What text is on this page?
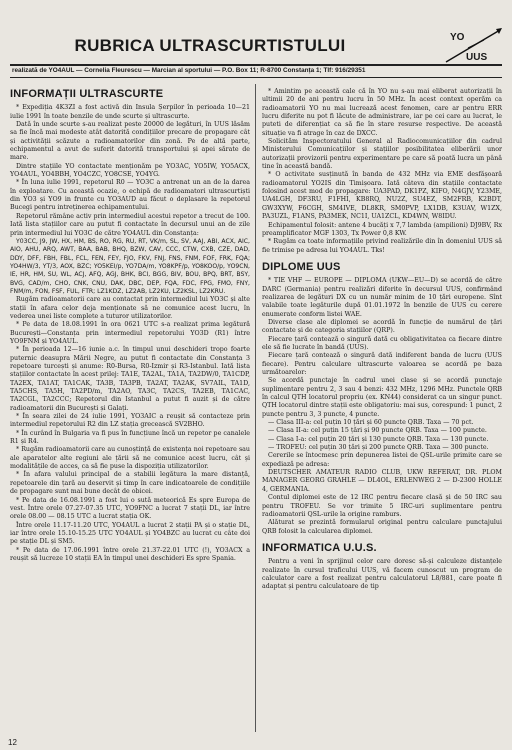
RUBRICA ULTRASCURTISTULUI	YO
UUS
realizată de YO4AUL — Cornelia Fleurescu — Marcian al sportului — P.O. Box 11; R-8700 Constanța 1; Tlf: 916/29351
INFORMAȚII ULTRASCURTE

* Expediția 4K3ZI a fost activă din Insula Șerpilor în perioada 10—21 iulie 1991 în toate benzile de unde scurte și ultrascurte.

Dată în unde scurte s-au realizat peste 20000 de legături, în UUS lăsăm sa fie încă mai modeste atât datorită condițiilor precare de propagare cât și activității scăzute a radioamatorilor din zonă. Pe de altă parte, echipamentul a avut de suferit datorită transportului și apei sărate de mare.

Dintre stațiile YO contactate menționăm pe YO3AC, YO5IW, YO5ACX, YO4AUL, YO4BBH, YO4CZC, YO8CSE, YO4YG.

* În luna iulie 1991, repetorul R0 — YO3C a antrenat un an de la darea în exploatare. Cu această ocazie, o echipă de radioamatori ultrascurtiști din YO3 și YO9 in frunte cu YO3AUD au făcut o deplasare la repetorul Bucegi pentru intreținerea echipamentului.

Repetorul rămâne activ prin intermediul acestui repetor a trecut de 100. Iată lista stațiilor care au putut fi contactate în decursul unui an de zile prin intermediul lui YO3C de către YO4AUL din Constanța:

Y03CC, J9, JW, HX, HM, BS, RO, RG, RU, RT, VK/m, SL, SV, AAJ, ABI, ACX, AIC, AIO, AHU, ARQ, AWT, BAA, BAB, BHQ, BZW, CAV, CCC, CTW, CXB, CZE, DAD, DDY, DFF, FBH, FBL, FCL, FEN, FEY, FJO, FKV, FNJ, FNS, FNM, FOF, FRK, FQA; YO4HW/3, YT/3, AOX, BZC; YO5KEI/p, YO7DA/m, YO8KPF/p, YO8KOO/p, YO9CN, IE, HR, HM, SU, WL, ACJ, AFQ, AGJ, BHK, BCI, BGG, BIV, BOU, BPQ, BRT, BSY, BVG, CAD/m, CHO, CNK, CNU, DAK, DBC, DEP, FQA, FDC, FPG, FMO, FNY, FNM/m, FON, FSF, FUL, FTR; LZ1KDZ, LZ2AB, LZ2KU, LZ2KSL, LZ2KRU.

Rugăm radioamatorii care au contactat prin intermediul lui YO3C și alte stații în afara celor deja menționate să ne comunice acest lucru, în vederea unei liste complete a tuturor utilizatorilor.

* Pe data de 18.08.1991 în ora 0621 UTC s-a realizat prima legătură București—Constanța prin intermediul repetorului YO3D (R1) între YO9FNM și YO4AUL.

* În perioada 12—16 iunie a.c. în timpul unui deschideri tropo foarte puternic deasupra Mării Negre, au putut fi contactate din Constanța 3 repetoare turcești și anume: R0-Bursa, R0-Izmir și R3-Istanbul. Iată lista stațiilor contactate în acest prilej: TA1E, TA2AL, TA1A, TA2DW/0, TA1CDP, TA2EX, TA1AT, TA1CAK, TA3B, TA3PB, TA2AT, TA2AK, SV7AIL, TA1D, TA5CHS, TA5H, TA2PD/m, TA2AO, TA3C, TA2CS, TA2EB, TA1CAC, TA2CGL, TA2CCC; Repetorul din Istanbul a putut fi auzit și de către radioamatorii din București și Galați.

* În seara zilei de 24 iulie 1991, YO3AIC a reușit să contacteze prin intermediul repetorului R2 din LZ stația grecească SV2BHO.

* În curând în Bulgaria va fi pus în funcțiune încă un repetor pe canalele R1 și R4.

* Rugăm radioamatorii care au cunoștință de existența noi repetoare sau ale aparatelor alte regiuni ale țării să ne comunice acest lucru, cât și modalitățile de acces, ca să fie puse la dispoziția utilizatorilor.

* În afara valului principal de a stabilii legătura la mare distanță, repetoarele din țară au deservit și timp în care indicatoarele de condițiile de propagare sunt mai bune decât de obicei.

* Pe data de 16.08.1991 a fost lui o sută meteorică Es spre Europa de vest. Între orele 07.27-07.35 UTC, YO9FNC a lucrat 7 stații DL, iar între orele 08.00 — 08.15 UTC a lucrat stația OK.

Între orele 11.17-11.20 UTC, YO4AUL a lucrat 2 stații PA și o stație DL, iar între orele 15.10-15.25 UTC YO4AUL și YO4BZC au lucrat cu câte doi pe stație DL și SM5.

* Pe data de 17.06.1991 între orele 21.37-22.01 UTC (!), YO3ACX a reușit să lucreze 10 stații EA în timpul unei deschideri Es spre Spania.

* Amintim pe această cale că în YO nu s-au mai eliberat autorizații în ultimii 20 de ani pentru lucru în 50 MHz. În acest context operăm ca radioamatorii YO nu mai lucrează acest fenomen, care ar pentru ERR lucru diferite nu pot fi lăcute de administrare, iar pe cei care au lucrat, le puteti de diferențiat ca să fie în stare resurse respective. De această situație va fi atrage în caz de DXCC.

Solicităm Inspectoratului General al Radiocomunicațiilor din cadrul Ministerului Comunicațiilor și stațiilor posibilitatea eliberării unor autorizații provizorii pentru experimentare pe care să poată lucra un până tine în această bandă.

* O activitate susținută în banda de 432 MHz via EME desfășoară radioamatorul YO2IS din Timișoara. Iată câteva din stațiile contactate folosind acest mod de propagare: UA3PAD, DK1PZ, KIFO, N4GJV, Y23ME, UA4LGH, DF3RU, F1FHI, KB8RQ, NU2Z, SU4EZ, SM2FRB, K2BDT, GW3XYW, F6CGH, SM4IVE, DL8KR, SM0PVP, LX1DB, K3UAV, W1ZX, PA3UZL, F1ANS, PA3MEK, NC1I, UA1ZCL, KD4WN, W8IDU.

Echipamentul folosit: antene 4 bucăți x 7,7 lambda (ampilioni) DJ9BV, Rx preamplificator MGF 1303, Tx Power 0,8 KW.

* Rugăm ca toate informațiile privind realizările din în domeniul UUS să fie trimise pe adresa lui YO4AUL. Tks!

DIPLOME UUS

* TIE VHF — EUROPE — DIPLOMA (UKW—EU—D) se acordă de către DARC (Germania) pentru realizări diferite în decursul UUS, confirmând realizarea de legături DX cu un număr minim de 10 țări europene. Sînt valabile toate legăturile după 01.01.1972 în benzile de UUS cu cerere enumerate conform listei WAE.

Diverse clase ale diplomei se acordă în funcție de numărul de țări contactate și de categoria stațiilor (QRP).

Fiecare țară contează o singură dată cu obligativitatea ca fiecare dintre ele să fie lucrate în bandă (UUS).

Fiecare țară contează o singură dată indiferent banda de lucru (UUS fiecare). Pentru calculare ultrascurte valoarea se acordă pe baza următoarelor:

Se acordă punctaje în cadrul unei clase și se acordă punctaje suplimentare pentru 2, 3 sau 4 benzi: 432 MHz, 1296 MHz. Punctele QRB în calcul QTH locatorul propriu (ex. KN44) considerat ca un singur punct. QTH locatorul dintre stații este obligatoriu: mai sus, corespund: 1 punct, 2 puncte pentru 3, 3 puncte, 4 puncte.

— Clasa III-a: cel puțin 10 țări și 60 puncte QRB. Taxa — 70 pct.

— Clasa II-a: cel puțin 15 țări și 90 puncte QRB. Taxa — 100 puncte.

— Clasa I-a: cel puțin 20 țări și 130 puncte QRB. Taxa — 130 puncte.

— TROFEU: cel puțin 30 țări și 200 puncte QRB. Taxa — 300 puncte.

Cererile se întocmesc prin depunerea listei de QSL-urile primite care se expediază pe adresa:

DEUTSCHER AMATEUR RADIO CLUB, UKW REFERAT, DR. PLOM MANAGER GEORG GRAHLE — DL4OL, ERLENWEG 2 — D-2300 HOLLE 4, GERMANIA.

Contul diplomei este de 12 IRC pentru fiecare clasă și de 50 IRC sau pentru TROFEU. Se vor trimite 5 IRC-uri suplimentare pentru radioamatorii QSL-urile la origine ramburs.

Alăturat se prezintă formularul original pentru calculare punctajului QRB folosit la calcularea diplomei.

INFORMATICA U.U.S.

Pentru a veni în sprijinul celor care doresc să-și calculeze distanțele realizate în cursul traficului UUS, vă facem cunoscut un program de calculator care a fost realizat pentru calculatorul L8/881, care poate fi adaptat și pentru calculatoare de tip

12
